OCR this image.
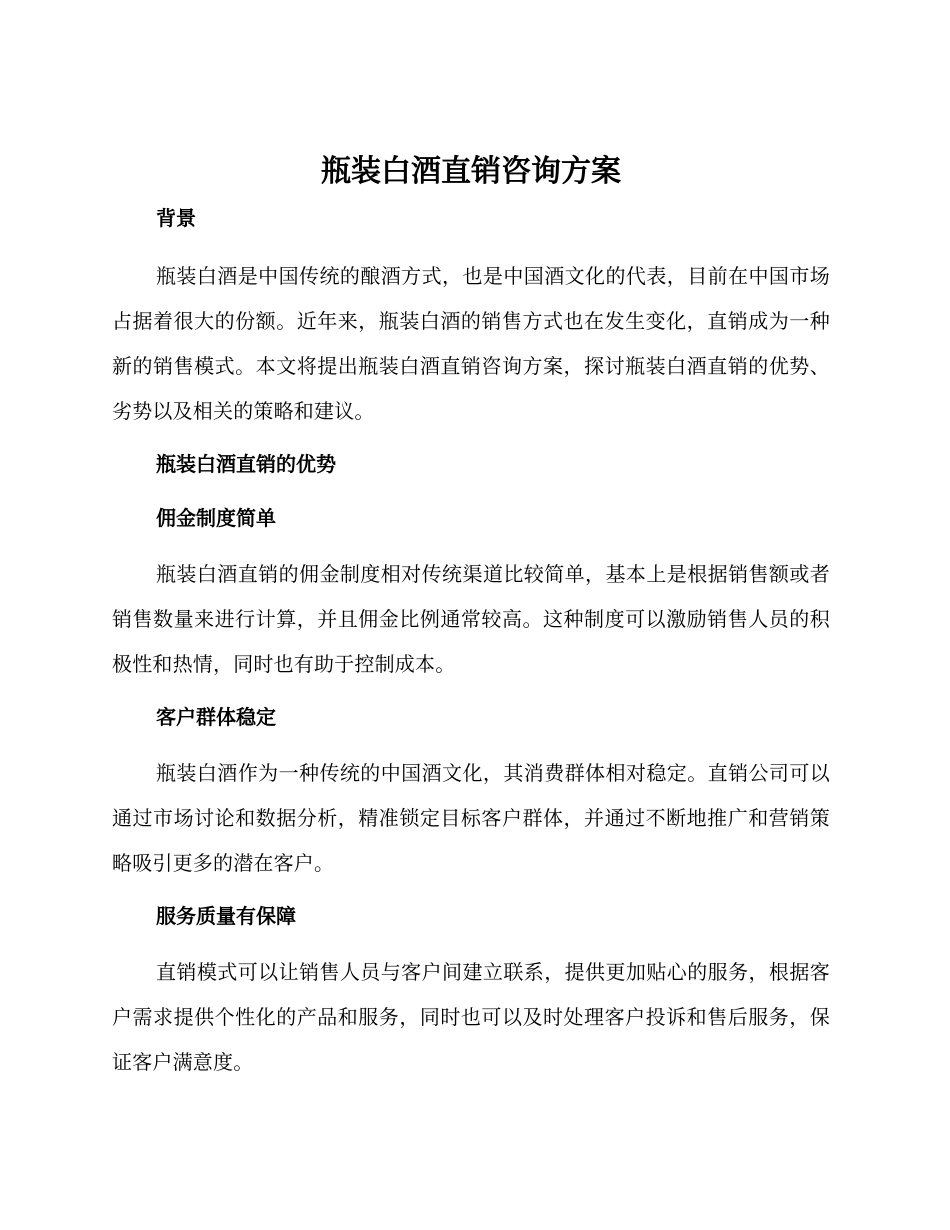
瓶装白酒直销咨询方案
背景

瓶装白酒是中国传统的酿酒方式，也是中国酒文化的代表，目前在中国市场占据着很大的份额。近年来，瓶装白酒的销售方式也在发生变化，直销成为一种新的销售模式。本文将提出瓶装白酒直销咨询方案，探讨瓶装白酒直销的优势、劣势以及相关的策略和建议。

瓶装白酒直销的优势
佣金制度简单

瓶装白酒直销的佣金制度相对传统渠道比较简单，基本上是根据销售额或者销售数量来进行计算，并且佣金比例通常较高。这种制度可以激励销售人员的积极性和热情，同时也有助于控制成本。

客户群体稳定

瓶装白酒作为一种传统的中国酒文化，其消费群体相对稳定。直销公司可以通过市场讨论和数据分析，精准锁定目标客户群体，并通过不断地推广和营销策略吸引更多的潜在客户。

服务质量有保障

直销模式可以让销售人员与客户间建立联系，提供更加贴心的服务，根据客户需求提供个性化的产品和服务，同时也可以及时处理客户投诉和售后服务，保证客户满意度。
